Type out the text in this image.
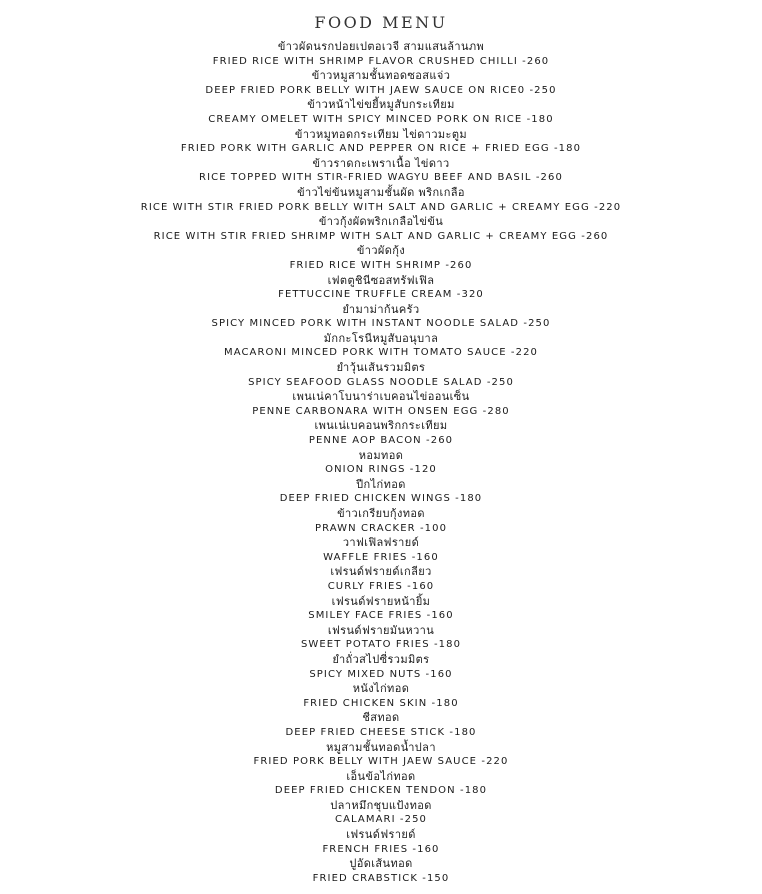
FOOD MENU
ข้าวผัดนรกปอยเปตอเวจี สามแสนล้านภพ
FRIED RICE WITH SHRIMP FLAVOR CRUSHED CHILLI -260
ข้าวหมูสามชั้นทอดซอสแจ่ว
DEEP FRIED PORK BELLY WITH JAEW SAUCE ON RICE0 -250
ข้าวหน้าไข่ขยี้หมูสับกระเทียม
CREAMY OMELET WITH SPICY MINCED PORK ON RICE -180
ข้าวหมูทอดกระเทียม ไข่ดาวมะตูม
FRIED PORK WITH GARLIC AND PEPPER ON RICE + FRIED EGG -180
ข้าวราดกะเพราเนื้อ ไข่ดาว
RICE TOPPED WITH STIR-FRIED WAGYU BEEF AND BASIL -260
ข้าวไข่ข้นหมูสามชั้นผัด พริกเกลือ
RICE WITH STIR FRIED PORK BELLY WITH SALT AND GARLIC + CREAMY EGG -220
ข้าวกุ้งผัดพริกเกลือไข่ข้น
RICE WITH STIR FRIED SHRIMP WITH SALT AND GARLIC + CREAMY EGG -260
ข้าวผัดกุ้ง
FRIED RICE WITH SHRIMP -260
เฟตตูชินีซอสทรัฟเฟิล
FETTUCCINE TRUFFLE CREAM -320
ยำมาม่าก้นครัว
SPICY MINCED PORK WITH INSTANT NOODLE SALAD -250
มักกะโรนีหมูสับอนุบาล
MACARONI MINCED PORK WITH TOMATO SAUCE -220
ยำวุ้นเส้นรวมมิตร
SPICY SEAFOOD GLASS NOODLE SALAD -250
เพนเน่คาโบนาร่าเบคอนไข่ออนเซ็น
PENNE CARBONARA WITH ONSEN EGG -280
เพนเน่เบคอนพริกกระเทียม
PENNE AOP BACON -260
หอมทอด
ONION RINGS -120
ปีกไก่ทอด
DEEP FRIED CHICKEN WINGS -180
ข้าวเกรียบกุ้งทอด
PRAWN CRACKER -100
วาฟเฟิลฟรายด์
WAFFLE FRIES -160
เฟรนด์ฟรายด์เกลียว
CURLY FRIES -160
เฟรนด์ฟรายหน้ายิ้ม
SMILEY FACE FRIES -160
เฟรนด์ฟรายมันหวาน
SWEET POTATO FRIES -180
ยำถั่วสไปซี่รวมมิตร
SPICY MIXED NUTS -160
หนังไก่ทอด
FRIED CHICKEN SKIN -180
ชีสทอด
DEEP FRIED CHEESE STICK -180
หมูสามชั้นทอดน้ำปลา
FRIED PORK BELLY WITH JAEW SAUCE -220
เอ็นข้อไก่ทอด
DEEP FRIED CHICKEN TENDON -180
ปลาหมึกชุบแป้งทอด
CALAMARI -250
เฟรนด์ฟรายด์
FRENCH FRIES -160
ปูอัดเส้นทอด
FRIED CRABSTICK -150
